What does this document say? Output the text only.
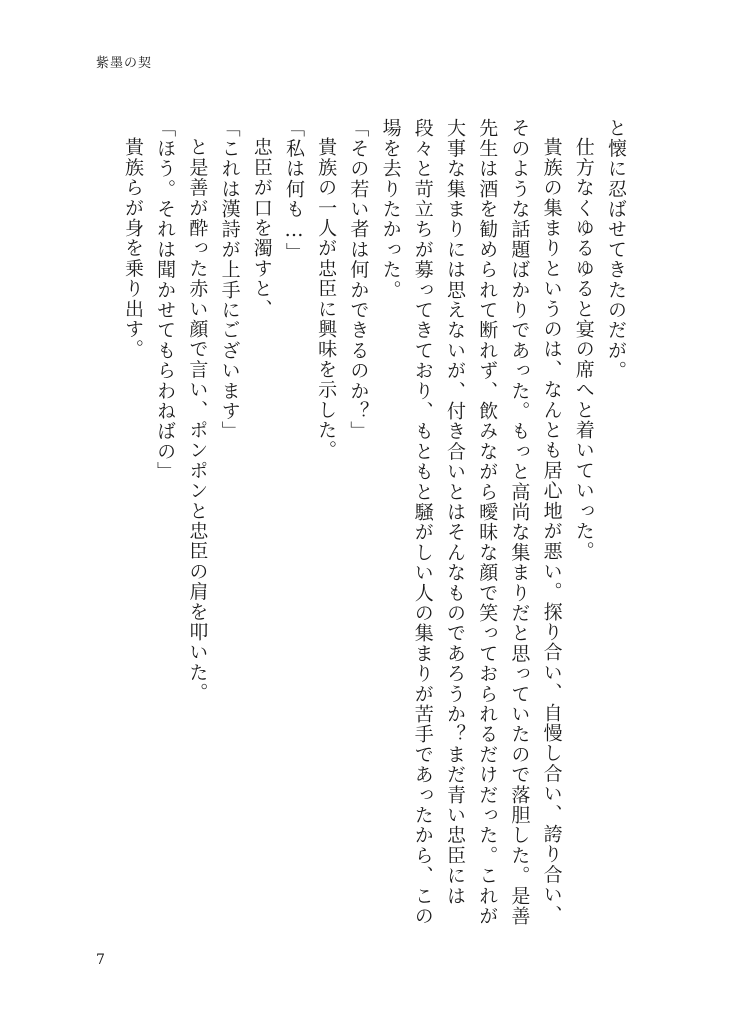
紫墨の契

と懐に忍ばせてきたのだが。

仕方なくゆるゆると宴の席へと着いていった。

貴族の集まりというのは、なんとも居心地が悪い。探り合い、自慢し合い、誇り合い、そのような話題ばかりであった。もっと高尚な集まりだと思っていたので落胆した。是善先生は酒を勧められて断れず、飲みながら曖昧な顔で笑っておられるだけだった。これが大事な集まりには思えないが、付き合いとはそんなものであろうか？まだ青い忠臣には段々と苛立ちが募ってきており、もともと騒がしい人の集まりが苦手であったから、この場を去りたかった。

「その若い者は何かできるのか？」

貴族の一人が忠臣に興味を示した。

「私は何も…」

忠臣が口を濁すと、

「これは漢詩が上手にございます」

と是善が酔った赤い顔で言い、ポンポンと忠臣の肩を叩いた。

「ほう。それは聞かせてもらわねばの」

貴族らが身を乗り出す。

7
